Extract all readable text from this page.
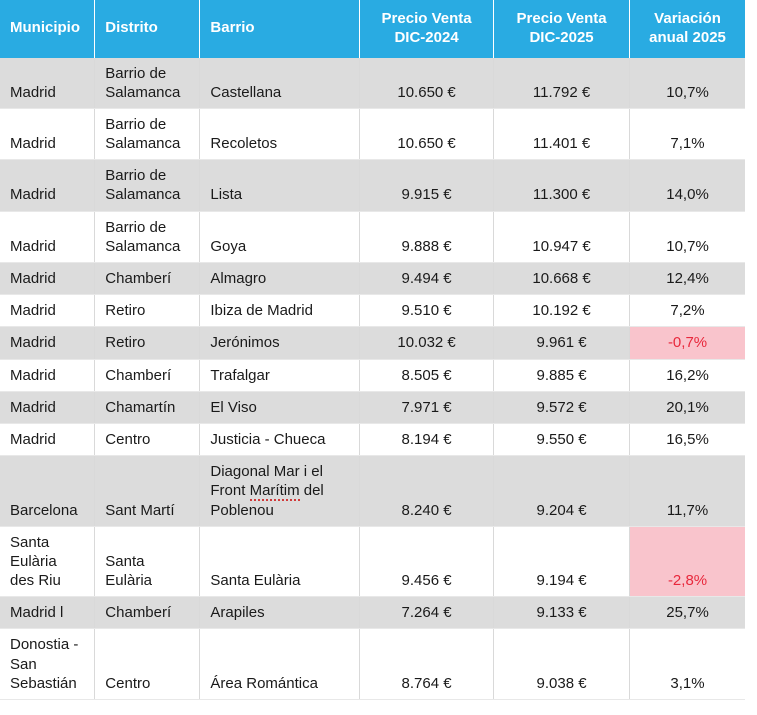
Municipio	Distrito	Barrio	Precio Venta DIC-2024	Precio Venta DIC-2025	Variación anual 2025
Madrid	Barrio de Salamanca	Castellana	10.650 €	11.792 €	10,7%
Madrid	Barrio de Salamanca	Recoletos	10.650 €	11.401 €	7,1%
Madrid	Barrio de Salamanca	Lista	9.915 €	11.300 €	14,0%
Madrid	Barrio de Salamanca	Goya	9.888 €	10.947 €	10,7%
Madrid	Chamberí	Almagro	9.494 €	10.668 €	12,4%
Madrid	Retiro	Ibiza de Madrid	9.510 €	10.192 €	7,2%
Madrid	Retiro	Jerónimos	10.032 €	9.961 €	-0,7%
Madrid	Chamberí	Trafalgar	8.505 €	9.885 €	16,2%
Madrid	Chamartín	El Viso	7.971 €	9.572 €	20,1%
Madrid	Centro	Justicia - Chueca	8.194 €	9.550 €	16,5%
Barcelona	Sant Martí	Diagonal Mar i el Front Marítim del Poblenou	8.240 €	9.204 €	11,7%
Santa Eulària des Riu	Santa Eulària	Santa Eulària	9.456 €	9.194 €	-2,8%
Madrid l	Chamberí	Arapiles	7.264 €	9.133 €	25,7%
Donostia - San Sebastián	Centro	Área Romántica	8.764 €	9.038 €	3,1%
